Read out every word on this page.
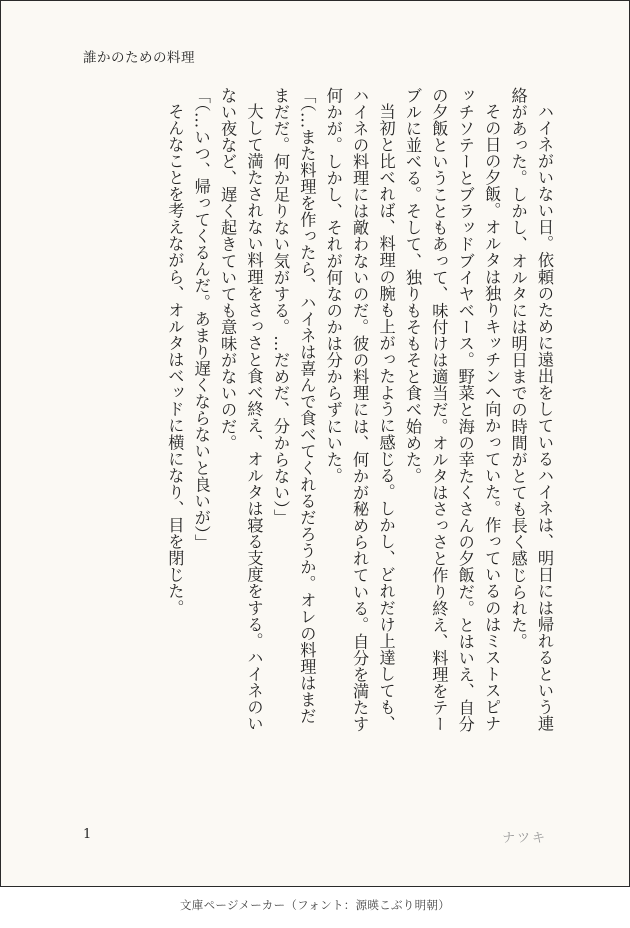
誰かのための料理

ハイネがいない日。依頼のために遠出をしているハイネは、明日には帰れるという連絡があった。しかし、オルタには明日までの時間がとても長く感じられた。

その日の夕飯。オルタは独りキッチンへ向かっていた。作っているのはミストスピナッチソテーとブラッドブイヤベース。野菜と海の幸たくさんの夕飯だ。とはいえ、自分の夕飯ということもあって、味付けは適当だ。オルタはさっさと作り終え、料理をテーブルに並べる。そして、独りもそもそと食べ始めた。

当初と比べれば、料理の腕も上がったように感じる。しかし、どれだけ上達しても、ハイネの料理には敵わないのだ。彼の料理には、何かが秘められている。自分を満たす何かが。しかし、それが何なのかは分からずにいた。

「（…また料理を作ったら、ハイネは喜んで食べてくれるだろうか。オレの料理はまだまだだ。何か足りない気がする。…だめだ、分からない）」

大して満たされない料理をさっさと食べ終え、オルタは寝る支度をする。ハイネのいない夜など、遅く起きていても意味がないのだ。

「（…いつ、帰ってくるんだ。あまり遅くならないと良いが）」

そんなことを考えながら、オルタはベッドに横になり、目を閉じた。

1	ナツキ
文庫ページメーカー（フォント：源暎こぶり明朝）
